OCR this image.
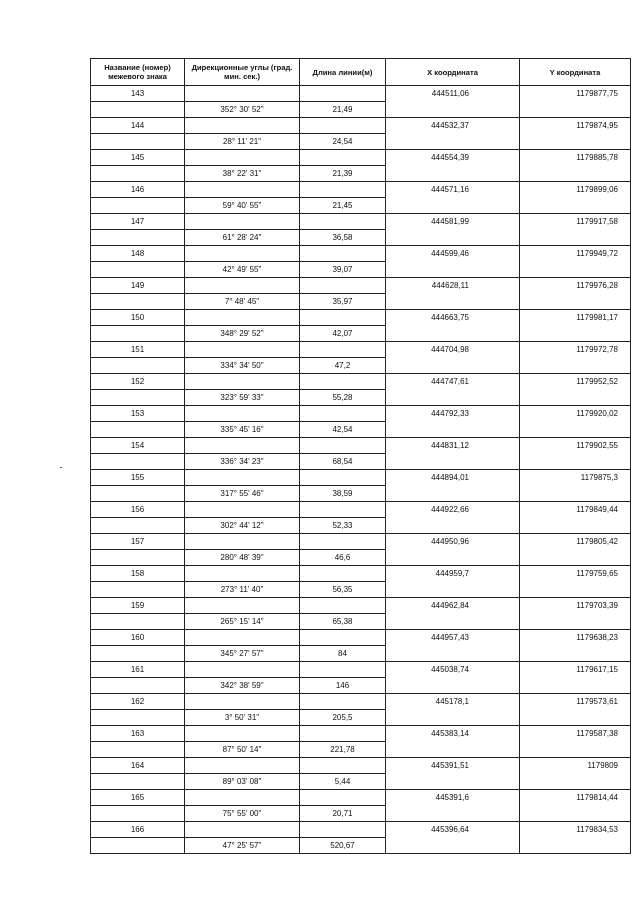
Название (номер) межевого знака	Дирекционные углы (град. мин. сек.)	Длина линии(м)	X координата	Y координата
143			444511,06	1179877,75
	352° 30' 52"	21,49		
144			444532,37	1179874,95
	28° 11' 21"	24,54		
145			444554,39	1179885,78
	38° 22' 31"	21,39		
146			444571,16	1179899,06
	59° 40' 55"	21,45		
147			444581,99	1179917,58
	61° 28' 24"	36,58		
148			444599,46	1179949,72
	42° 49' 55"	39,07		
149			444628,11	1179976,28
	7° 48' 45"	35,97		
150			444663,75	1179981,17
	348° 29' 52"	42,07		
151			444704,98	1179972,78
	334° 34' 50"	47,2		
152			444747,61	1179952,52
	323° 59' 33"	55,28		
153			444792,33	1179920,02
	335° 45' 16"	42,54		
154			444831,12	1179902,55
	336° 34' 23"	68,54		
155			444894,01	1179875,3
	317° 55' 46"	38,59		
156			444922,66	1179849,44
	302° 44' 12"	52,33		
157			444950,96	1179805,42
	280° 48' 39"	46,6		
158			444959,7	1179759,65
	273° 11' 40"	56,35		
159			444962,84	1179703,39
	265° 15' 14"	65,38		
160			444957,43	1179638,23
	345° 27' 57"	84		
161			445038,74	1179617,15
	342° 38' 59"	146		
162			445178,1	1179573,61
	3° 50' 31"	205,5		
163			445383,14	1179587,38
	87° 50' 14"	221,78		
164			445391,51	1179809
	89° 03' 08"	5,44		
165			445391,6	1179814,44
	75° 55' 00"	20,71		
166			445396,64	1179834,53
	47° 25' 57"	520,67		
